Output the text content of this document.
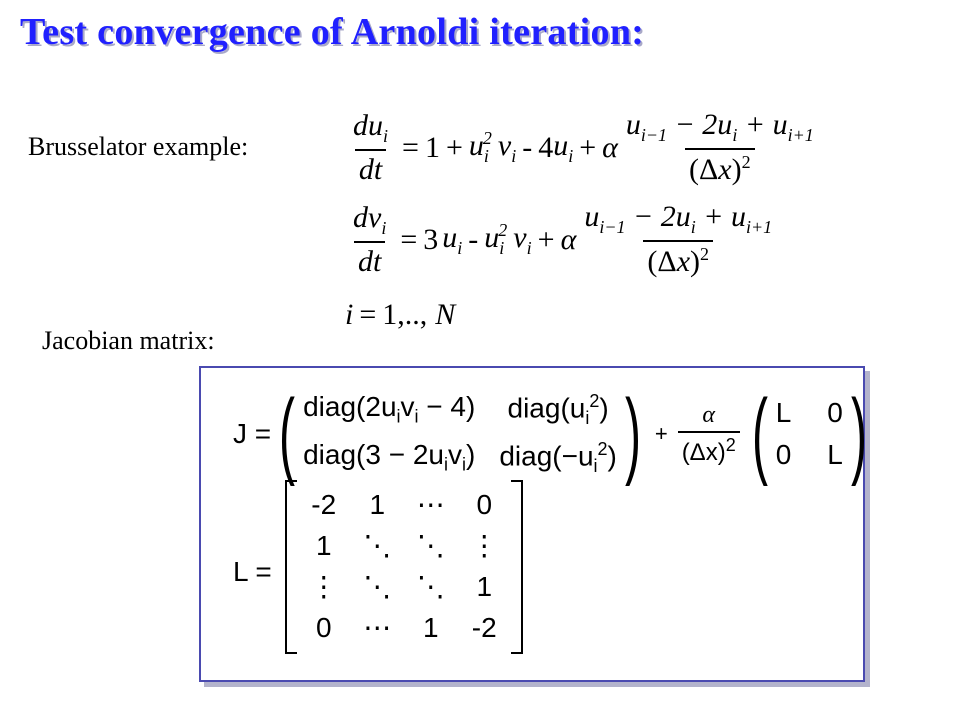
Test convergence of Arnoldi iteration:
Brusselator example:
Jacobian matrix:
$\frac{du_i}{dt} = 1 + u_i^2$ $v_i - 4$ $u_i + \alpha \frac{u_{i-1} - 2u_i + u_{i+1}}{(\Delta x)^2}$
$\frac{dv_i}{dt} = 3$ $u_i - u_i^2$ $v_i + \alpha \frac{u_{i-1} - 2u_i + u_{i+1}}{(\Delta x)^2}$
i = 1,.., N
J = ( $diag(2u_iv_i - 4)$ $diag(u_i^2)$
diag(3 − $2u_iv_i$) $diag(-u_i^2)$ ) + $\frac{\alpha}{(\Delta x)^2}$ ( L 0
0 L )
L =
-2	1	⋯	0
1	⋱ ⋱ ⋮
⋮ ⋱ ⋱	1
0	⋯	1	-2
